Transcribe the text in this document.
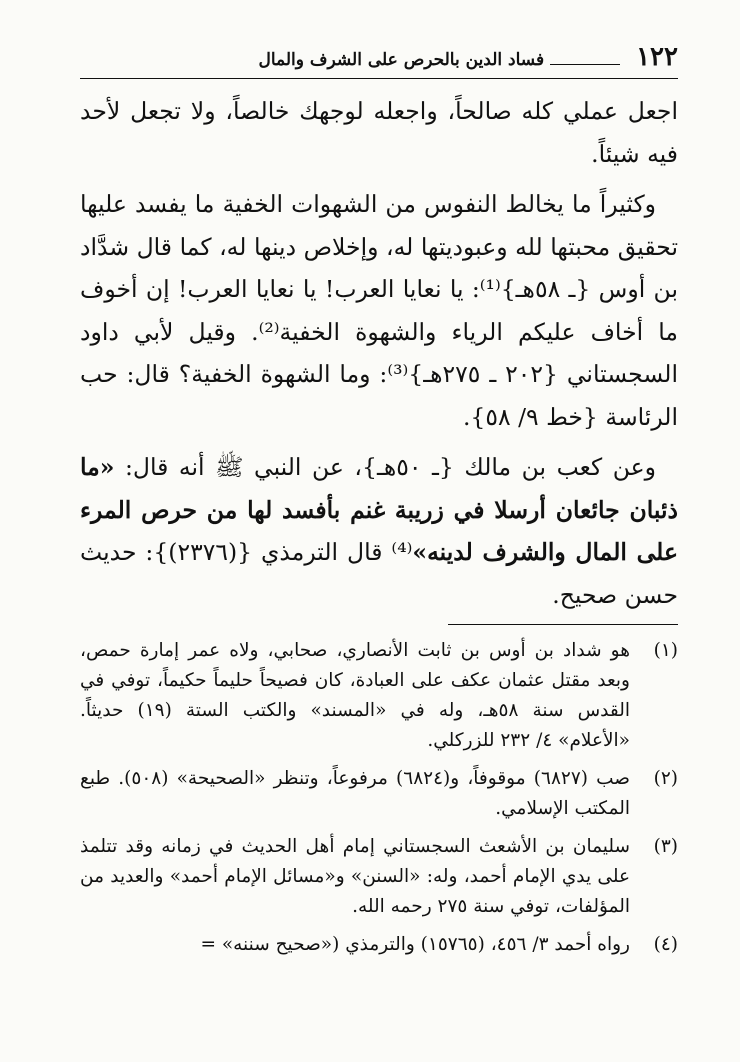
١٢٢
فساد الدين بالحرص على الشرف والمال

اجعل عملي كله صالحاً، واجعله لوجهك خالصاً، ولا تجعل لأحد فيه شيئاً.

وكثيراً ما يخالط النفوس من الشهوات الخفية ما يفسد عليها تحقيق محبتها لله وعبوديتها له، وإخلاص دينها له، كما قال شدَّاد بن أوس {ـ ٥٨هـ}⁽¹⁾: يا نعايا العرب! يا نعايا العرب! إن أخوف ما أخاف عليكم الرياء والشهوة الخفية⁽²⁾. وقيل لأبي داود السجستاني {٢٠٢ ـ ٢٧٥هـ}⁽³⁾: وما الشهوة الخفية؟ قال: حب الرئاسة {خط ٩/ ٥٨}.

وعن كعب بن مالك {ـ ٥٠هـ}، عن النبي ﷺ أنه قال: «ما ذئبان جائعان أرسلا في زريبة غنم بأفسد لها من حرص المرء على المال والشرف لدينه»⁽⁴⁾ قال الترمذي {(٢٣٧٦)}: حديث حسن صحيح.

(١)
هو شداد بن أوس بن ثابت الأنصاري، صحابي، ولاه عمر إمارة حمص، وبعد مقتل عثمان عكف على العبادة، كان فصيحاً حليماً حكيماً، توفي في القدس سنة ٥٨هـ، وله في «المسند» والكتب الستة (١٩) حديثاً. «الأعلام» ٤/ ٢٣٢ للزركلي.
(٢)
صب (٦٨٢٧) موقوفاً، و(٦٨٢٤) مرفوعاً، وتنظر «الصحيحة» (٥٠٨). طبع المكتب الإسلامي.
(٣)
سليمان بن الأشعث السجستاني إمام أهل الحديث في زمانه وقد تتلمذ على يدي الإمام أحمد، وله: «السنن» و«مسائل الإمام أحمد» والعديد من المؤلفات، توفي سنة ٢٧٥ رحمه الله.
(٤)
رواه أحمد ٣/ ٤٥٦، (١٥٧٦٥) والترمذي («صحيح سننه» =
